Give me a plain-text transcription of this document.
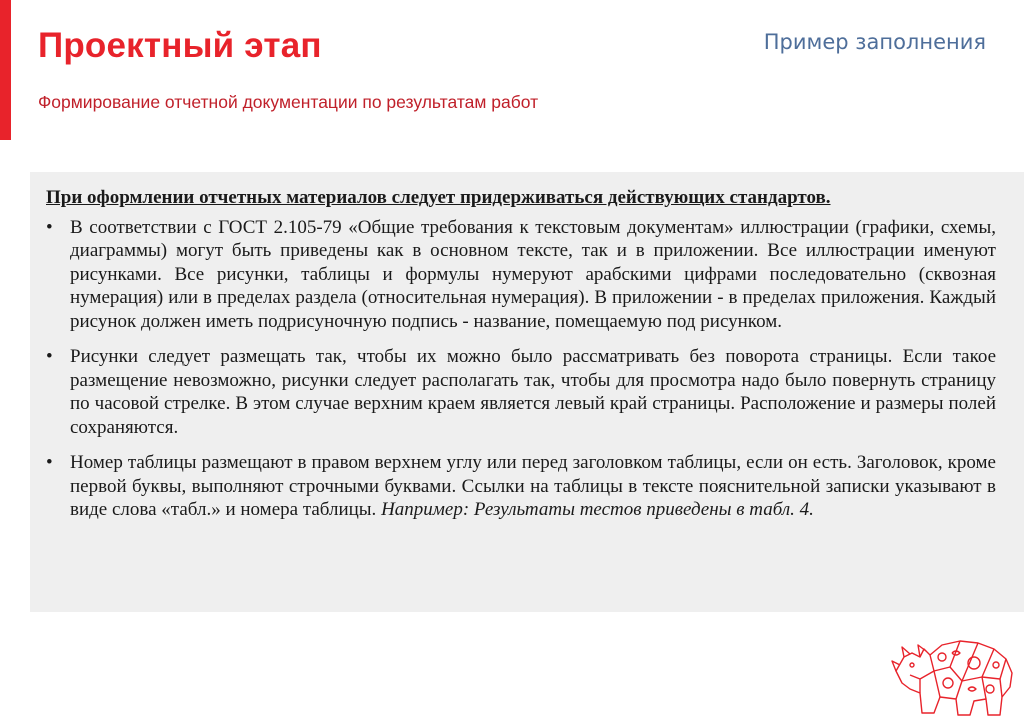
Проектный этап	Пример заполнения
Формирование отчетной документации по результатам работ

При оформлении отчетных материалов следует придерживаться действующих стандартов.

• В соответствии с ГОСТ 2.105-79 «Общие требования к текстовым документам» иллюстрации (графики, схемы, диаграммы) могут быть приведены как в основном тексте, так и в приложении. Все иллюстрации именуют рисунками. Все рисунки, таблицы и формулы нумеруют арабскими цифрами последовательно (сквозная нумерация) или в пределах раздела (относительная нумерация). В приложении - в пределах приложения. Каждый рисунок должен иметь подрисуночную подпись - название, помещаемую под рисунком.
• Рисунки следует размещать так, чтобы их можно было рассматривать без поворота страницы. Если такое размещение невозможно, рисунки следует располагать так, чтобы для просмотра надо было повернуть страницу по часовой стрелке. В этом случае верхним краем является левый край страницы. Расположение и размеры полей сохраняются.
• Номер таблицы размещают в правом верхнем углу или перед заголовком таблицы, если он есть. Заголовок, кроме первой буквы, выполняют строчными буквами. Ссылки на таблицы в тексте пояснительной записки указывают в виде слова «табл.» и номера таблицы. Например: Результаты тестов приведены в табл. 4.
